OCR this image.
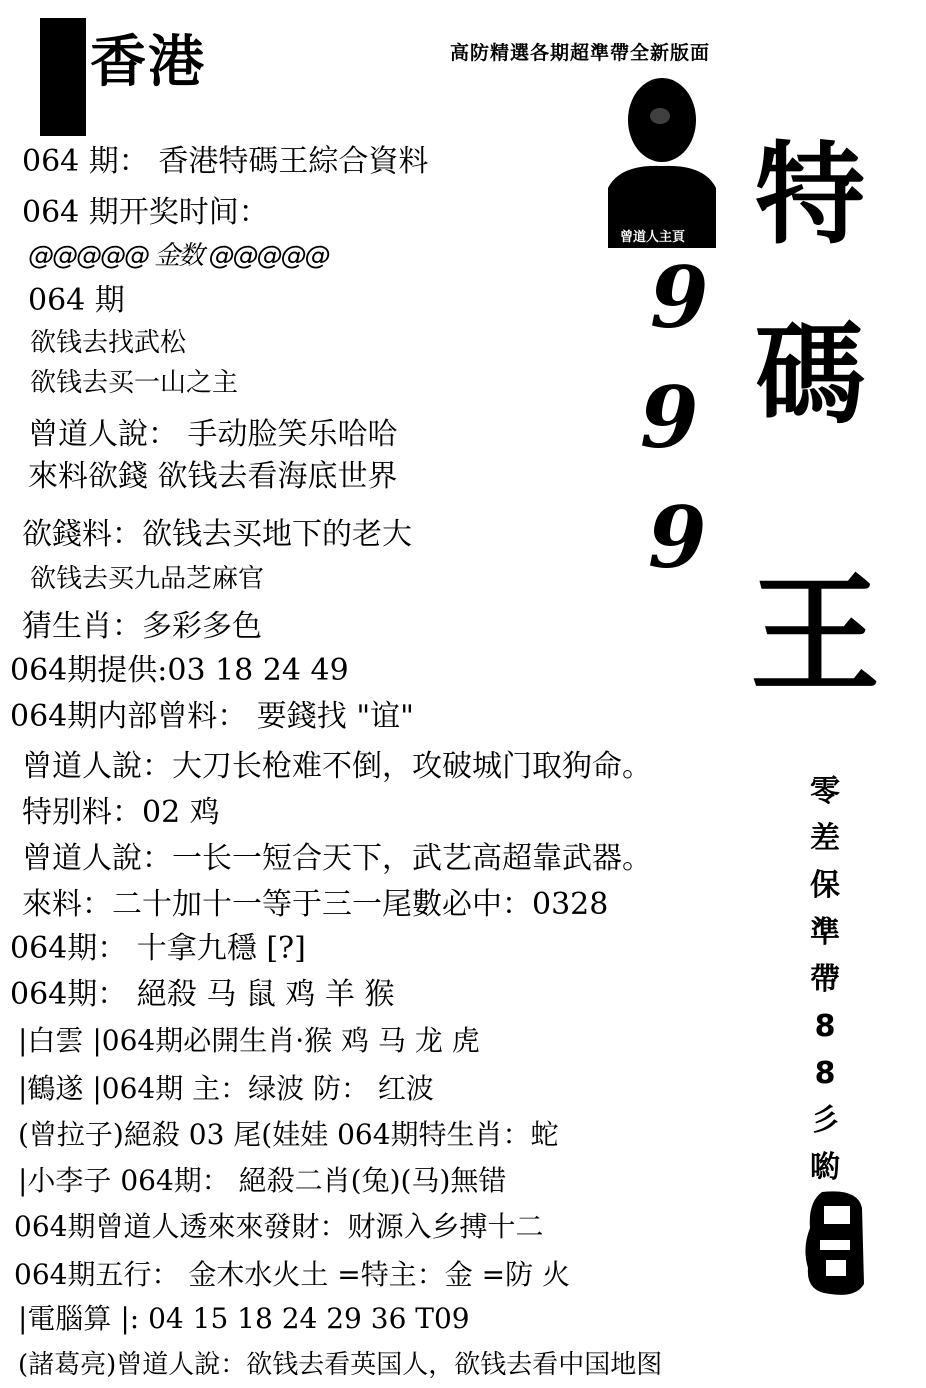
香港	高防精選各期超準帶全新版面
曾道人主頁
9
9
9
特
碼
王
零
差
保
準
帶
8
8
彡
喲
@@@@@ 金数 @@@@@
064 期： 香港特碼王綜合資料
064 期开奖时间：
064 期
欲钱去找武松
欲钱去买一山之主
曾道人說： 手动脸笑乐哈哈
來料欲錢 欲钱去看海底世界
欲錢料：欲钱去买地下的老大
欲钱去买九品芝麻官
猜生肖：多彩多色
064期提供:03 18 24 49
064期内部曾料： 要錢找 "谊"
曾道人說：大刀长枪难不倒，攻破城门取狗命。
特别料：02 鸡
曾道人說：一长一短合天下，武艺高超靠武器。
來料：二十加十一等于三一尾數必中：0328
064期： 十拿九穩 [?]
064期： 絕殺 马 鼠 鸡 羊 猴
|白雲 |064期必開生肖·猴 鸡 马 龙 虎
|鶴遂 |064期 主：绿波 防： 红波
(曾拉子)絕殺 03 尾(娃娃 064期特生肖：蛇
|小李子 064期： 絕殺二肖(兔)(马)無错
064期曾道人透來來發財：财源入乡搏十二
064期五行： 金木水火土 =特主：金 =防 火
|電腦算 |: 04 15 18 24 29 36 T09
(諸葛亮)曾道人說：欲钱去看英国人，欲钱去看中国地图
